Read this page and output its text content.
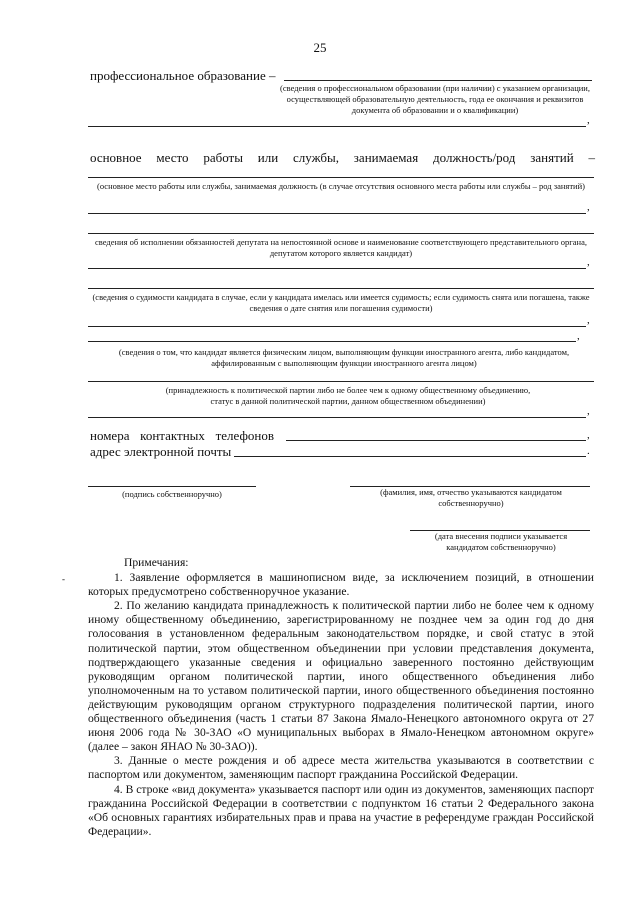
25
профессиональное образование –
(сведения о профессиональном образовании (при наличии) с указанием организации, осуществляющей образовательную деятельность, года ее окончания и реквизитов документа об образовании и о квалификации)
,
основное место работы или службы, занимаемая должность/род занятий –
(основное место работы или службы, занимаемая должность (в случае отсутствия основного места работы или службы – род занятий)
,
сведения об исполнении обязанностей депутата на непостоянной основе и наименование соответствующего представительного органа, депутатом которого является кандидат)
,
(сведения о судимости кандидата в случае, если у кандидата имелась или имеется судимость; если судимость снята или погашена, также сведения о дате снятия или погашения судимости)
,
,
(сведения о том, что кандидат является физическим лицом, выполняющим функции иностранного агента, либо кандидатом, аффилированным с выполняющим функции иностранного агента лицом)
(принадлежность к политической партии либо не более чем к одному общественному объединению, статус в данной политической партии, данном общественном объединении)
,
номера контактных телефонов	,
адрес электронной почты	.
(подпись собственноручно)	(фамилия, имя, отчество указываются кандидатом собственноручно)
(дата внесения подписи указывается кандидатом собственноручно)
-

Примечания:

1. Заявление оформляется в машинописном виде, за исключением позиций, в отношении которых предусмотрено собственноручное указание.

2. По желанию кандидата принадлежность к политической партии либо не более чем к одному иному общественному объединению, зарегистрированному не позднее чем за один год до дня голосования в установленном федеральным законодательством порядке, и свой статус в этой политической партии, этом общественном объединении при условии представления документа, подтверждающего указанные сведения и официально заверенного постоянно действующим руководящим органом политической партии, иного общественного объединения либо уполномоченным на то уставом политической партии, иного общественного объединения постоянно действующим руководящим органом структурного подразделения политической партии, иного общественного объединения (часть 1 статьи 87 Закона Ямало-Ненецкого автономного округа от 27 июня 2006 года № 30-ЗАО «О муниципальных выборах в Ямало-Ненецком автономном округе» (далее – закон ЯНАО № 30-ЗАО)).

3. Данные о месте рождения и об адресе места жительства указываются в соответствии с паспортом или документом, заменяющим паспорт гражданина Российской Федерации.

4. В строке «вид документа» указывается паспорт или один из документов, заменяющих паспорт гражданина Российской Федерации в соответствии с подпунктом 16 статьи 2 Федерального закона «Об основных гарантиях избирательных прав и права на участие в референдуме граждан Российской Федерации».
